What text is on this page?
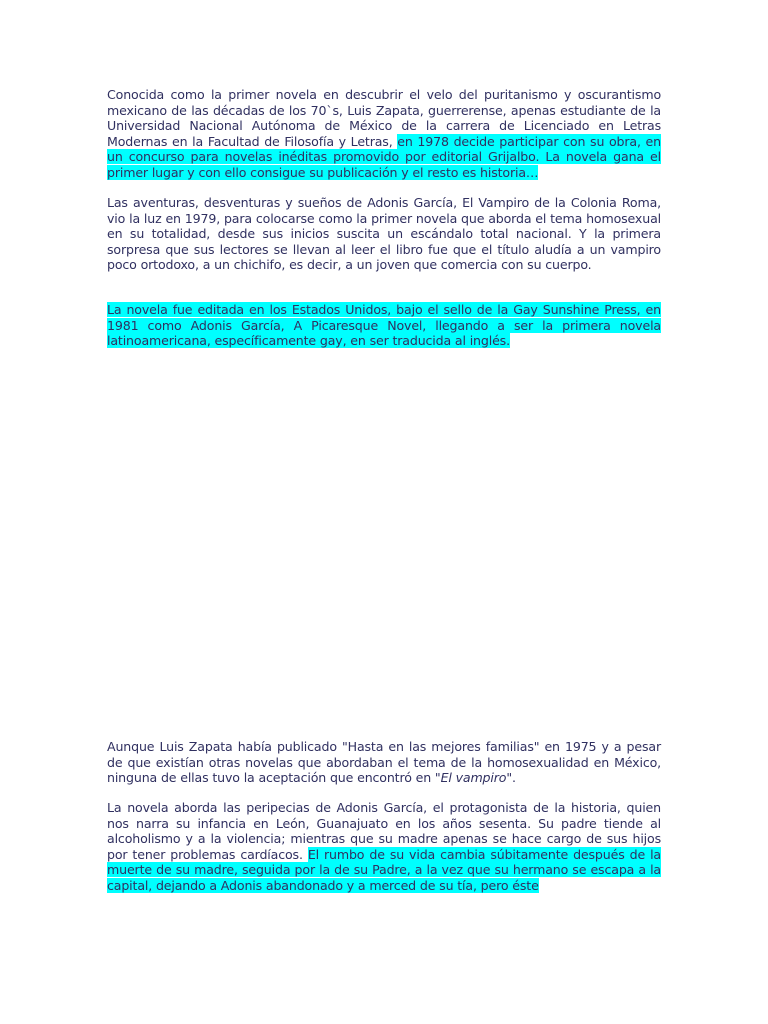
Conocida como la primer novela en descubrir el velo del puritanismo y oscurantismo mexicano de las décadas de los 70`s, Luis Zapata, guerrerense, apenas estudiante de la Universidad Nacional Autónoma de México de la carrera de Licenciado en Letras Modernas en la Facultad de Filosofía y Letras, en 1978 decide participar con su obra, en un concurso para novelas inéditas promovido por editorial Grijalbo. La novela gana el primer lugar y con ello consigue su publicación y el resto es historia…

Las aventuras, desventuras y sueños de Adonis García, El Vampiro de la Colonia Roma, vio la luz en 1979, para colocarse como la primer novela que aborda el tema homosexual en su totalidad, desde sus inicios suscita un escándalo total nacional. Y la primera sorpresa que sus lectores se llevan al leer el libro fue que el título aludía a un vampiro poco ortodoxo, a un chichifo, es decir, a un joven que comercia con su cuerpo.

La novela fue editada en los Estados Unidos, bajo el sello de la Gay Sunshine Press, en 1981 como Adonis García, A Picaresque Novel, llegando a ser la primera novela latinoamericana, específicamente gay, en ser traducida al inglés.

Aunque Luis Zapata había publicado "Hasta en las mejores familias" en 1975 y a pesar de que existían otras novelas que abordaban el tema de la homosexualidad en México, ninguna de ellas tuvo la aceptación que encontró en "El vampiro".

La novela aborda las peripecias de Adonis García, el protagonista de la historia, quien nos narra su infancia en León, Guanajuato en los años sesenta. Su padre tiende al alcoholismo y a la violencia; mientras que su madre apenas se hace cargo de sus hijos por tener problemas cardíacos. El rumbo de su vida cambia súbitamente después de la muerte de su madre, seguida por la de su Padre, a la vez que su hermano se escapa a la capital, dejando a Adonis abandonado y a merced de su tía, pero éste
